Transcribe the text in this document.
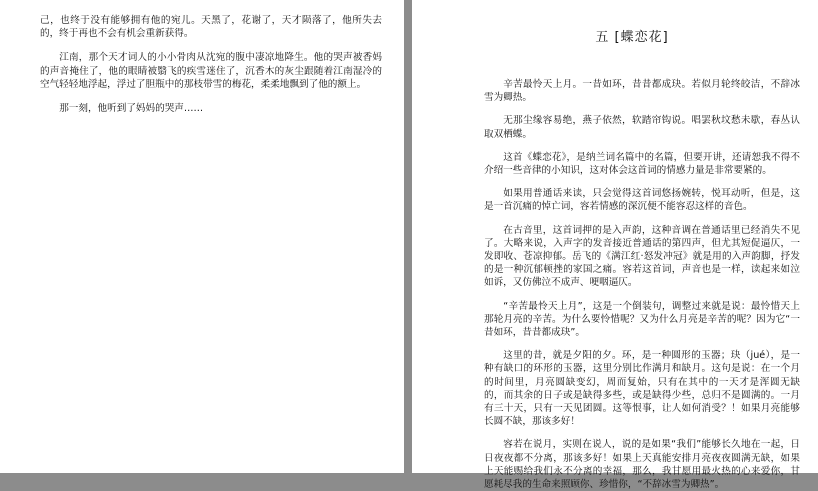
己，也终于没有能够拥有他的宛儿。天黑了，花谢了，天才陨落了，他所失去的，终于再也不会有机会重新获得。

江南，那个天才词人的小小骨肉从沈宛的腹中凄凉地降生。他的哭声被香妈的声音掩住了，他的眼睛被翳飞的疾雪迷住了，沉香木的灰尘跟随着江南湿冷的空气轻轻地浮起，浮过了胆瓶中的那枝带雪的梅花，柔柔地飘到了他的额上。

那一刻，他听到了妈妈的哭声……

五 [蝶恋花]

辛苦最怜天上月。一昔如环，昔昔都成玦。若似月轮终皎洁，不辞冰雪为卿热。

无那尘缘容易绝，燕子依然，软踏帘钩说。唱罢秋坟愁未歇，春丛认取双栖蝶。

这首《蝶恋花》，是纳兰词名篇中的名篇，但要开讲，还请恕我不得不介绍一些音律的小知识，这对体会这首词的情感力量是非常要紧的。

如果用普通话来读，只会觉得这首词悠扬婉转，悦耳动听，但是，这是一首沉痛的悼亡词，容若情感的深沉便不能容忍这样的音色。

在古音里，这首词押的是入声韵，这种音调在普通话里已经消失不见了。大略来说，入声字的发音接近普通话的第四声，但尤其短促逼仄，一发即收、苍凉抑郁。岳飞的《满江红·怒发冲冠》就是用的入声韵脚，抒发的是一种沉郁顿挫的家国之痛。容若这首词，声音也是一样，读起来如泣如诉，又仿佛泣不成声、哽咽逼仄。

“辛苦最怜天上月”，这是一个倒装句，调整过来就是说：最怜惜天上那轮月亮的辛苦。为什么要怜惜呢？又为什么月亮是辛苦的呢？因为它“一昔如环，昔昔都成玦”。

这里的昔，就是夕阳的夕。环，是一种圆形的玉器；玦（jué），是一种有缺口的环形的玉器，这里分别比作满月和缺月。这句是说：在一个月的时间里，月亮圆缺变幻，周而复始，只有在其中的一天才是浑圆无缺的，而其余的日子或是缺得多些，或是缺得少些，总归不是圆满的。一月有三十天，只有一天见团圆。这等恨事，让人如何消受？！如果月亮能够长圆不缺，那该多好！

容若在说月，实则在说人，说的是如果“我们”能够长久地在一起，日日夜夜都不分离，那该多好！如果上天真能安排月亮夜夜圆满无缺，如果上天能赐给我们永不分离的幸福，那么，我甘愿用最火热的心来爱你，甘愿耗尽我的生命来照顾你、珍惜你，“不辞冰雪为卿热”。
